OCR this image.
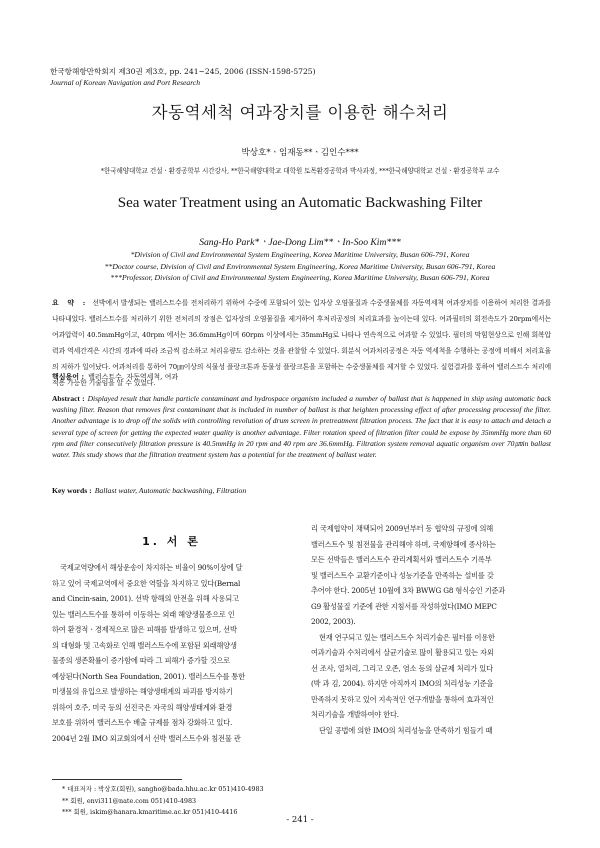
한국항해항만학회지 제30권 제3호, pp. 241~245, 2006 (ISSN-1598-5725)
Journal of Korean Navigation and Port Research
자동역세척 여과장치를 이용한 해수처리
박상호*ㆍ임재동**ㆍ김인수***
*한국해양대학교 건설ㆍ환경공학부 시간강사, **한국해양대학교 대학원 토목환경공학과 박사과정, ***한국해양대학교 건설ㆍ환경공학부 교수
Sea water Treatment using an Automatic Backwashing Filter
Sang-Ho Park*ㆍJae-Dong Lim**ㆍIn-Soo Kim***
*Division of Civil and Environmental System Engineering, Korea Maritime University, Busan 606-791, Korea
**Doctor course, Division of Civil and Environmental System Engineering, Korea Maritime University, Busan 606-791, Korea
***Professor, Division of Civil and Environmental System Engineering, Korea Maritime University, Busan 606-791, Korea
요 약 : 선박에서 발생되는 밸러스트수를 전처리하기 위하여 수중에 포함되어 있는 입자상 오염물질과 수중생물체를 자동역세척 여과장치를 이용하여 처리한 결과를 나타내었다. 밸러스트수를 처리하기 위한 전처리의 장점은 입자상의 오염물질을 제거하여 후처리공정의 처리효과를 높이는데 있다. 여과필터의 회전속도가 20rpm에서는 여과압력이 40.5mmHg이고, 40rpm 에서는 36.6mmHg이며 60rpm 이상에서는 35mmHg로 나타나 연속적으로 여과할 수 있었다. 필터의 막힘현상으로 인해 회복압력과 역세간격은 시간의 경과에 따라 조금씩 감소하고 처리유량도 감소하는 것을 관찰할 수 있었다. 회분식 여과처리공정은 자동 역세척을 수행하는 공정에 비해서 처리효율의 저하가 일어났다. 여과처리를 통하여 70㎛이상의 식물성 플랑크톤과 동물성 플랑크톤을 포함하는 수중생물체를 제거할 수 있었다. 실험결과를 통하여 밸러스트수 처리에 적용 가능한 기술임을 알 수 있었다.
핵심용어 : 밸러스트수, 자동역세척, 여과
Abstract : Displayed result that handle particle contaminant and hydrospace organism included a number of ballast that is happened in ship using automatic back washing filter. Reason that removes first contaminant that is included in number of ballast is that heighten processing effect of after processing processof the filter. Another advantage is to drop off the solids with controlling revolution of drum screen in pretreatment filtration process. The fact that it is easy to attach and detach a several type of screen for getting the expected water quality is another advantage. Filter rotation speed of filtration filter could be expose by 35mmHg more than 60 rpm and filter consecutively filtration pressure is 40.5mmHg in 20 rpm and 40 rpm are 36.6mmHg. Filtration system removal aquatic organism over 70㎛in ballast water. This study shows that the filtration treatment system has a potential for the treatment of ballast water.
Key words : Ballast water, Automatic backwashing, Filtration
1. 서 론
국제교역량에서 해상운송이 차지하는 비율이 90%이상에 달
하고 있어 국제교역에서 중요한 역할을 차지하고 있다(Bernal
and Cincin-sain, 2001). 선박 항해의 안전을 위해 사용되고
있는 밸러스트수를 통하여 이동하는 외래 해양생물종으로 인
하여 환경적ㆍ경제적으로 많은 피해를 발생하고 있으며, 선박
의 대형화 및 고속화로 인해 밸러스트수에 포함된 외래해양생
물종의 생존확률이 증가함에 따라 그 피해가 증가할 것으로
예상된다(North Sea Foundation, 2001). 밸러스트수를 통한
미생물의 유입으로 발생하는 해양생태계의 파괴를 방지하기
위하여 호주, 미국 등의 선진국은 자국의 해양생태계와 환경
보호를 위하여 밸러스트수 배출 규제를 점차 강화하고 있다.
2004년 2월 IMO 외교회의에서 선박 밸러스트수와 침전물 관
리 국제협약이 채택되어 2009년부터 동 협약의 규정에 의해
밸러스트수 및 침전물을 관리해야 하며, 국제항해에 종사하는
모든 선박들은 밸러스트수 관리계획서와 밸러스트수 기록부
및 밸러스트수 교환기준이나 성능기준을 만족하는 설비를 갖
추어야 한다. 2005년 10월에 3차 BWWG G8 형식승인 기준과
G9 활성물질 기준에 관한 지침서를 작성하였다(IMO MEPC
2002, 2003).
현재 연구되고 있는 밸러스트수 처리기술은 필터를 이용한
여과기술과 수처리에서 살균기술로 많이 활용되고 있는 자외
선 조사, 열처리, 그리고 오존, 염소 등의 살균제 처리가 있다
(박 과 김, 2004). 하지만 아직까지 IMO의 처리성능 기준을
만족하지 못하고 있어 지속적인 연구개발을 통하여 효과적인
처리기술을 개발하여야 한다.
단일 공법에 의한 IMO의 처리성능을 만족하기 힘들기 때
* 대표저자 : 박상호(회원), sangho@bada.hhu.ac.kr 051)410-4983
** 회원, envi311@nate.com 051)410-4983
*** 회원, iskim@hanara.kmaritime.ac.kr 051)410-4416
- 241 -
